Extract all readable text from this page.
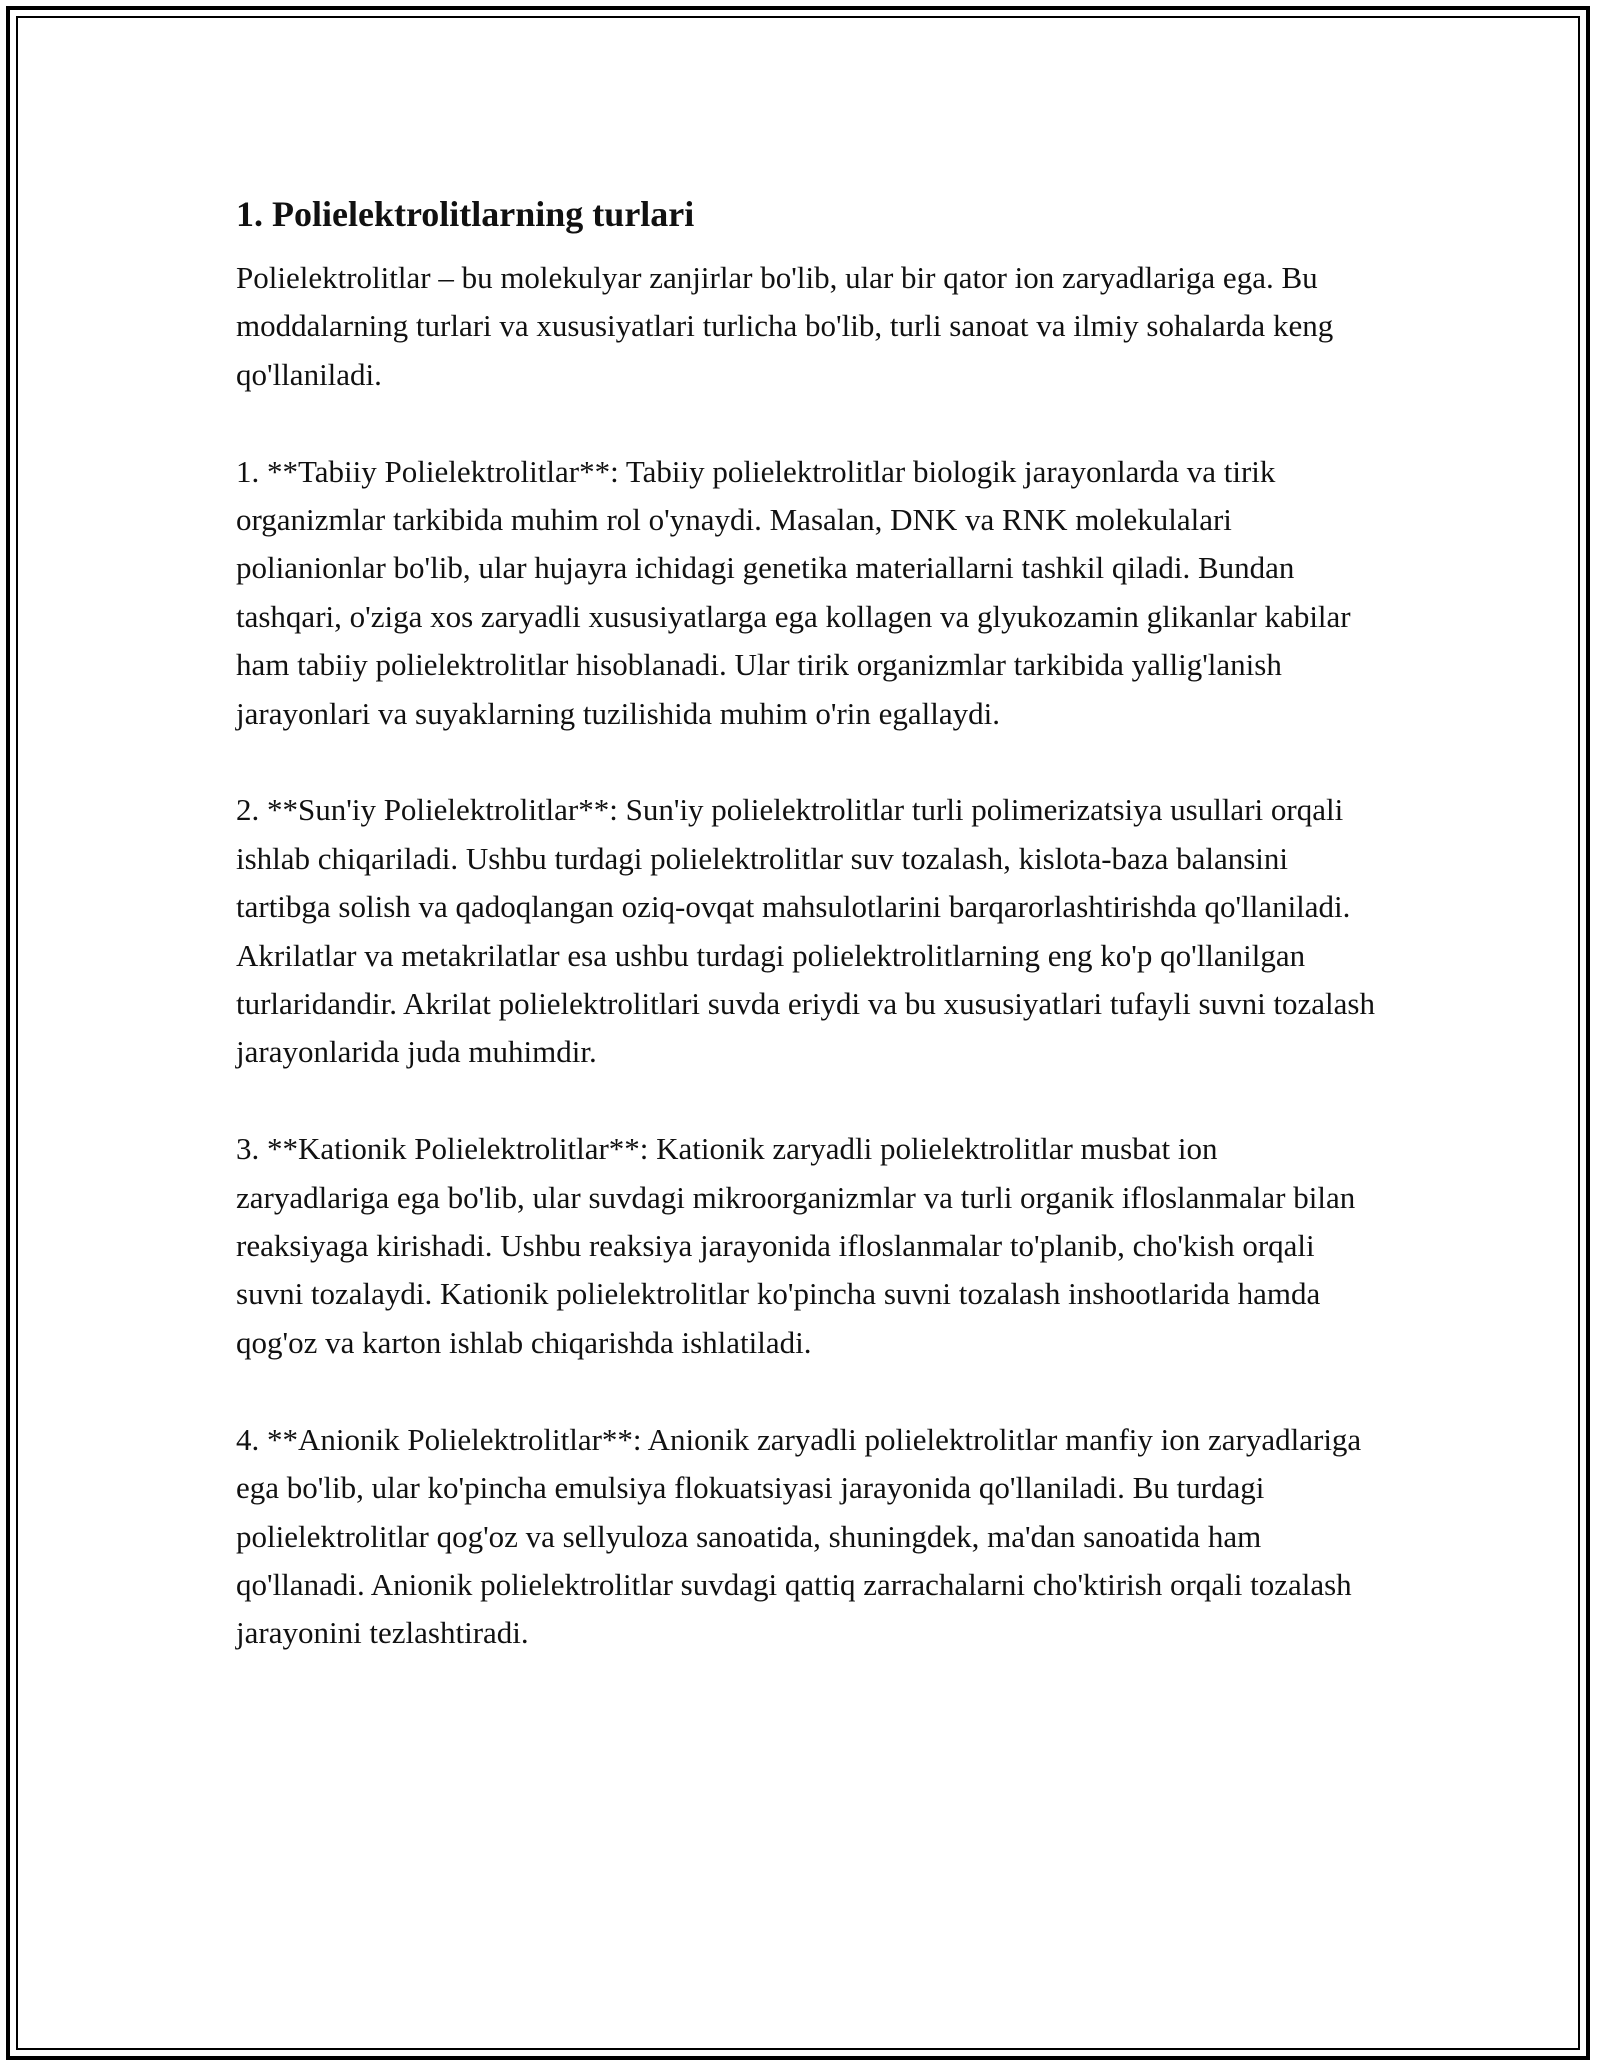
1. Polielektrolitlarning turlari

Polielektrolitlar – bu molekulyar zanjirlar bo'lib, ular bir qator ion zaryadlariga ega. Bu moddalarning turlari va xususiyatlari turlicha bo'lib, turli sanoat va ilmiy sohalarda keng qo'llaniladi.

1. **Tabiiy Polielektrolitlar**: Tabiiy polielektrolitlar biologik jarayonlarda va tirik organizmlar tarkibida muhim rol o'ynaydi. Masalan, DNK va RNK molekulalari polianionlar bo'lib, ular hujayra ichidagi genetika materiallarni tashkil qiladi. Bundan tashqari, o'ziga xos zaryadli xususiyatlarga ega kollagen va glyukozamin glikanlar kabilar ham tabiiy polielektrolitlar hisoblanadi. Ular tirik organizmlar tarkibida yallig'lanish jarayonlari va suyaklarning tuzilishida muhim o'rin egallaydi.

2. **Sun'iy Polielektrolitlar**: Sun'iy polielektrolitlar turli polimerizatsiya usullari orqali ishlab chiqariladi. Ushbu turdagi polielektrolitlar suv tozalash, kislota-baza balansini tartibga solish va qadoqlangan oziq-ovqat mahsulotlarini barqarorlashtirishda qo'llaniladi. Akrilatlar va metakrilatlar esa ushbu turdagi polielektrolitlarning eng ko'p qo'llanilgan turlaridandir. Akrilat polielektrolitlari suvda eriydi va bu xususiyatlari tufayli suvni tozalash jarayonlarida juda muhimdir.

3. **Kationik Polielektrolitlar**: Kationik zaryadli polielektrolitlar musbat ion zaryadlariga ega bo'lib, ular suvdagi mikroorganizmlar va turli organik ifloslanmalar bilan reaksiyaga kirishadi. Ushbu reaksiya jarayonida ifloslanmalar to'planib, cho'kish orqali suvni tozalaydi. Kationik polielektrolitlar ko'pincha suvni tozalash inshootlarida hamda qog'oz va karton ishlab chiqarishda ishlatiladi.

4. **Anionik Polielektrolitlar**: Anionik zaryadli polielektrolitlar manfiy ion zaryadlariga ega bo'lib, ular ko'pincha emulsiya flokuatsiyasi jarayonida qo'llaniladi. Bu turdagi polielektrolitlar qog'oz va sellyuloza sanoatida, shuningdek, ma'dan sanoatida ham qo'llanadi. Anionik polielektrolitlar suvdagi qattiq zarrachalarni cho'ktirish orqali tozalash jarayonini tezlashtiradi.
